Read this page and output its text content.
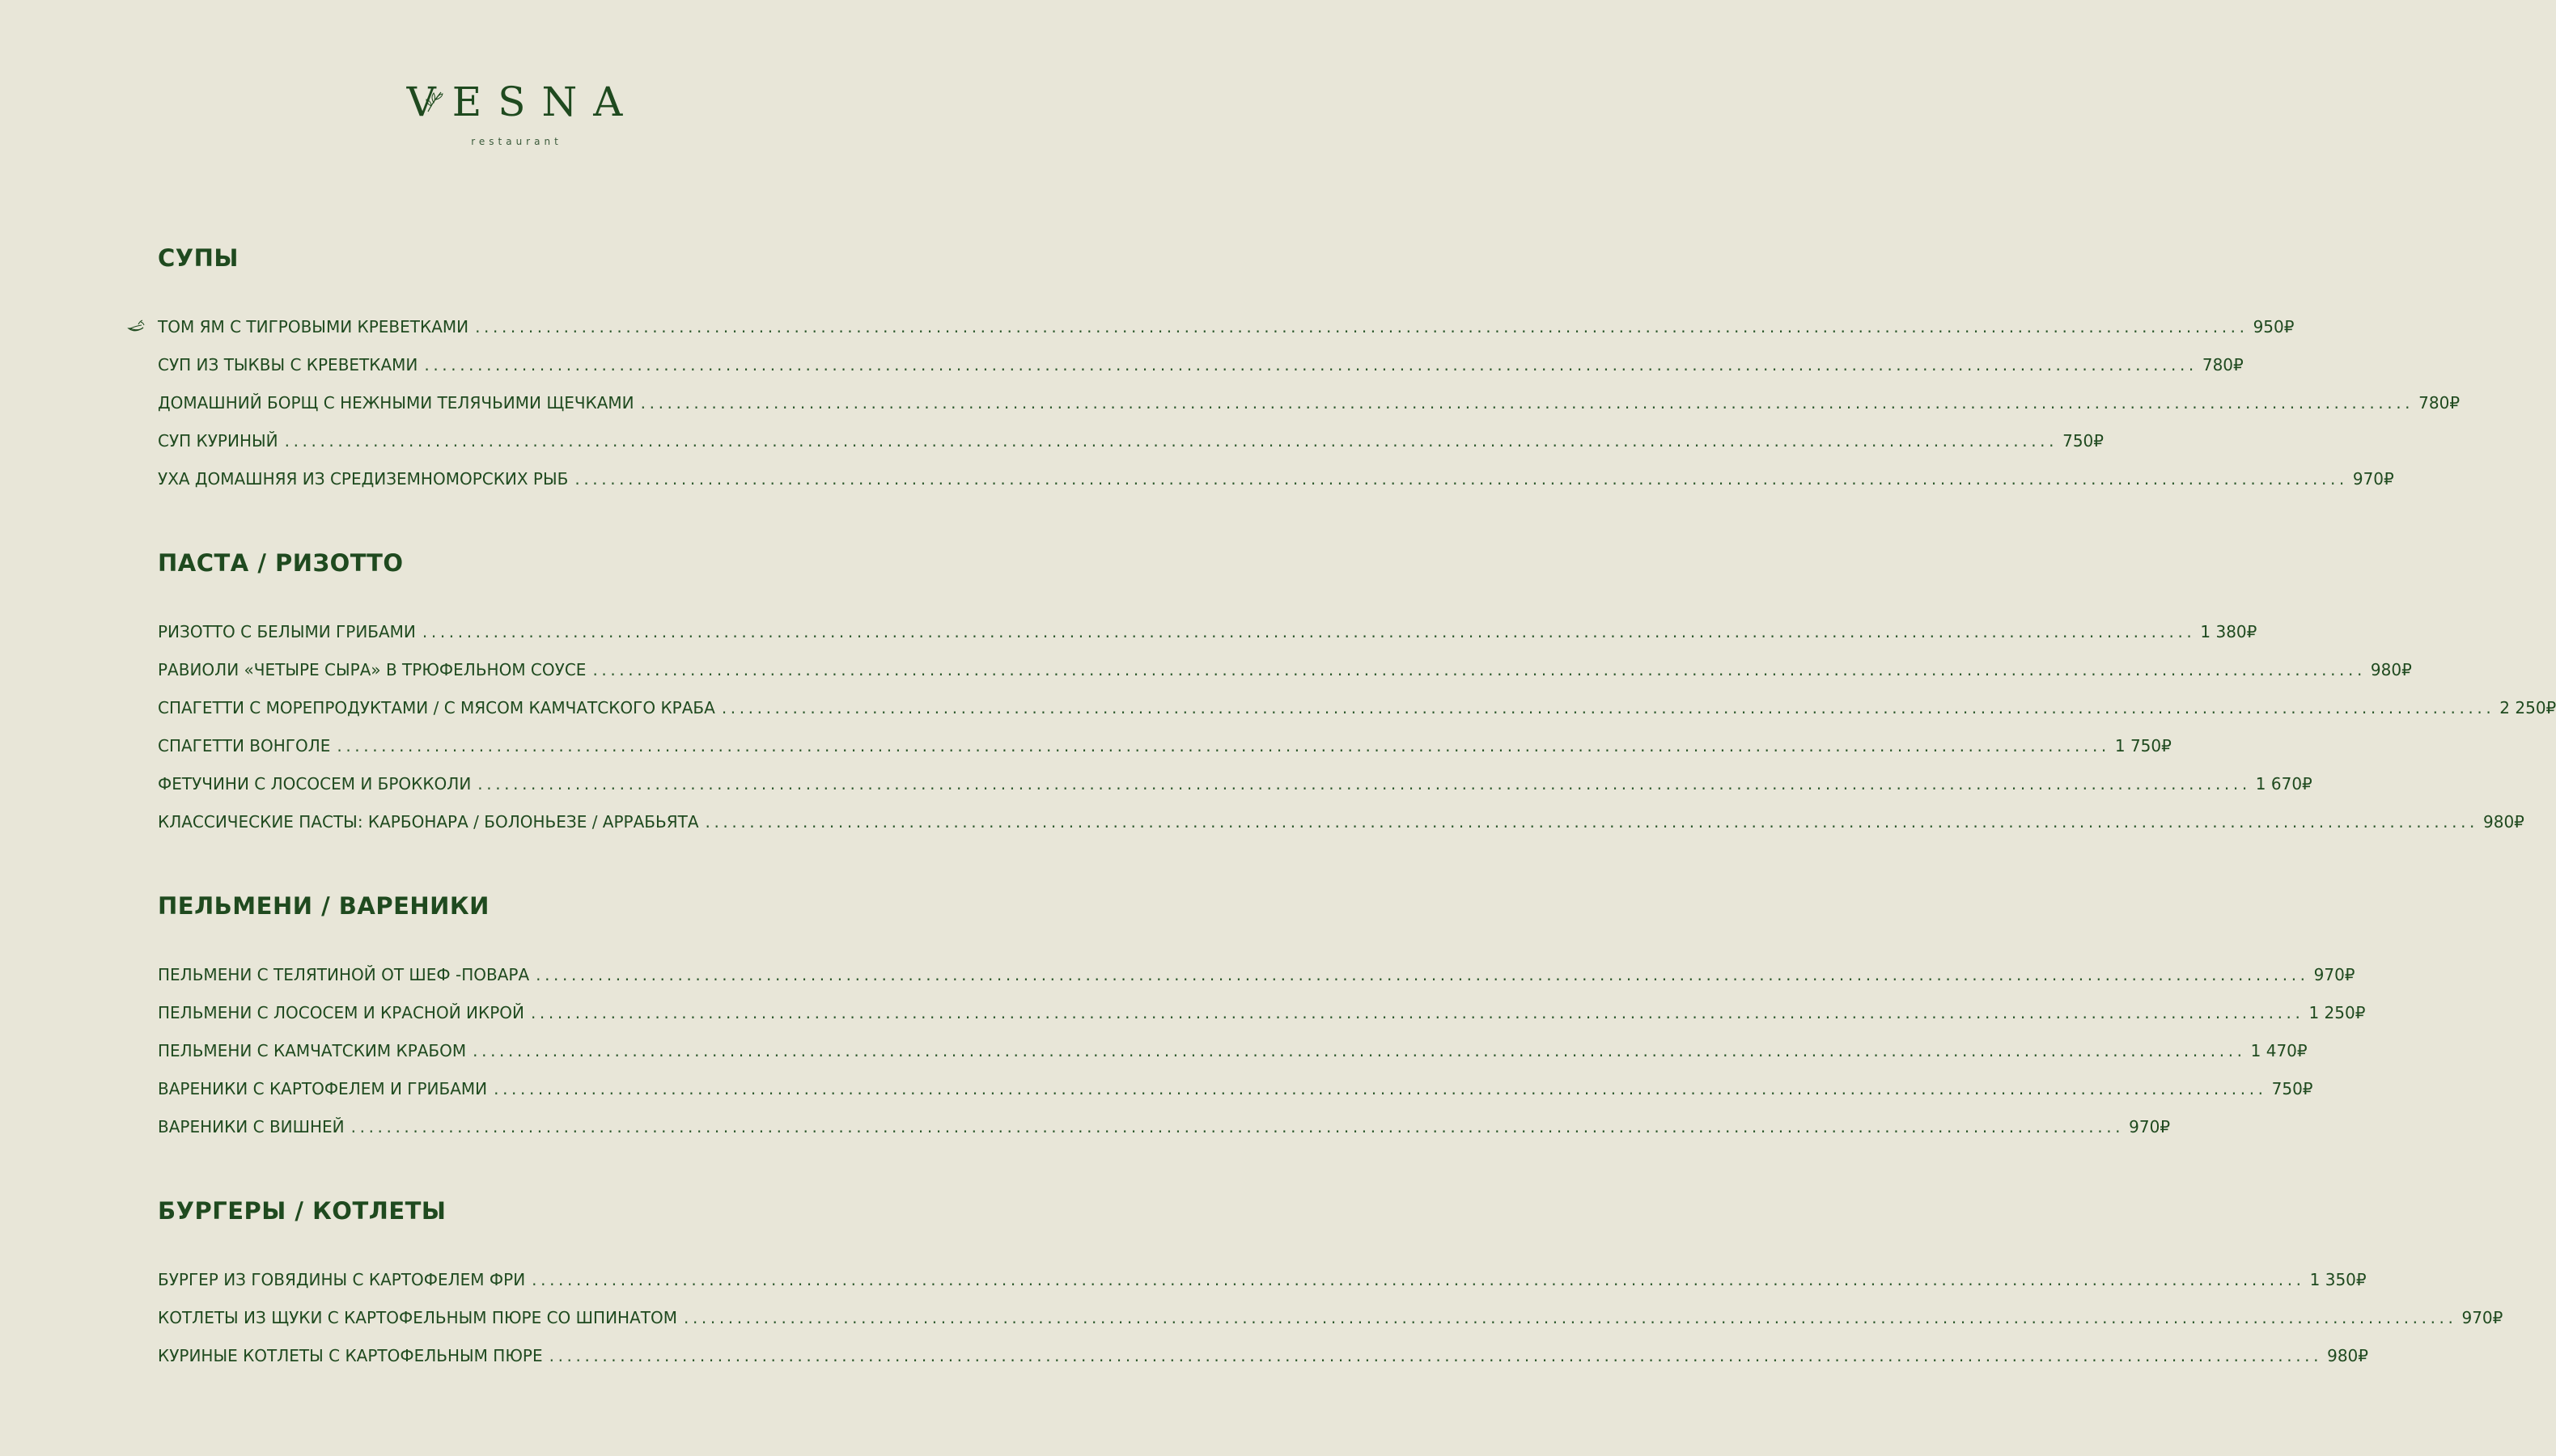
VESNA
restaurant
СУПЫ
ТОМ ЯМ С ТИГРОВЫМИ КРЕВЕТКАМИ ........................................................................................................................................................................................................ 950₽
СУП ИЗ ТЫКВЫ С КРЕВЕТКАМИ ........................................................................................................................................................................................................ 780₽
ДОМАШНИЙ БОРЩ С НЕЖНЫМИ ТЕЛЯЧЬИМИ ЩЕЧКАМИ ........................................................................................................................................................................................................ 780₽
СУП КУРИНЫЙ ........................................................................................................................................................................................................ 750₽
УХА ДОМАШНЯЯ ИЗ СРЕДИЗЕМНОМОРСКИХ РЫБ ........................................................................................................................................................................................................ 970₽
ПАСТА / РИЗОТТО
РИЗОТТО С БЕЛЫМИ ГРИБАМИ ........................................................................................................................................................................................................ 1 380₽
РАВИОЛИ «ЧЕТЫРЕ СЫРА» В ТРЮФЕЛЬНОМ СОУСЕ ........................................................................................................................................................................................................ 980₽
СПАГЕТТИ С МОРЕПРОДУКТАМИ / С МЯСОМ КАМЧАТСКОГО КРАБА ........................................................................................................................................................................................................ 2 250₽
СПАГЕТТИ ВОНГОЛЕ ........................................................................................................................................................................................................ 1 750₽
ФЕТУЧИНИ С ЛОСОСЕМ И БРОККОЛИ ........................................................................................................................................................................................................ 1 670₽
КЛАССИЧЕСКИЕ ПАСТЫ: КАРБОНАРА / БОЛОНЬЕЗЕ / АРРАБЬЯТА ........................................................................................................................................................................................................ 980₽
ПЕЛЬМЕНИ / ВАРЕНИКИ
ПЕЛЬМЕНИ С ТЕЛЯТИНОЙ ОТ ШЕФ -ПОВАРА ........................................................................................................................................................................................................ 970₽
ПЕЛЬМЕНИ С ЛОСОСЕМ И КРАСНОЙ ИКРОЙ ........................................................................................................................................................................................................ 1 250₽
ПЕЛЬМЕНИ С КАМЧАТСКИМ КРАБОМ ........................................................................................................................................................................................................ 1 470₽
ВАРЕНИКИ С КАРТОФЕЛЕМ И ГРИБАМИ ........................................................................................................................................................................................................ 750₽
ВАРЕНИКИ С ВИШНЕЙ ........................................................................................................................................................................................................ 970₽
БУРГЕРЫ / КОТЛЕТЫ
БУРГЕР ИЗ ГОВЯДИНЫ С КАРТОФЕЛЕМ ФРИ ........................................................................................................................................................................................................ 1 350₽
КОТЛЕТЫ ИЗ ЩУКИ С КАРТОФЕЛЬНЫМ ПЮРЕ СО ШПИНАТОМ ........................................................................................................................................................................................................ 970₽
КУРИНЫЕ КОТЛЕТЫ С КАРТОФЕЛЬНЫМ ПЮРЕ ........................................................................................................................................................................................................ 980₽
